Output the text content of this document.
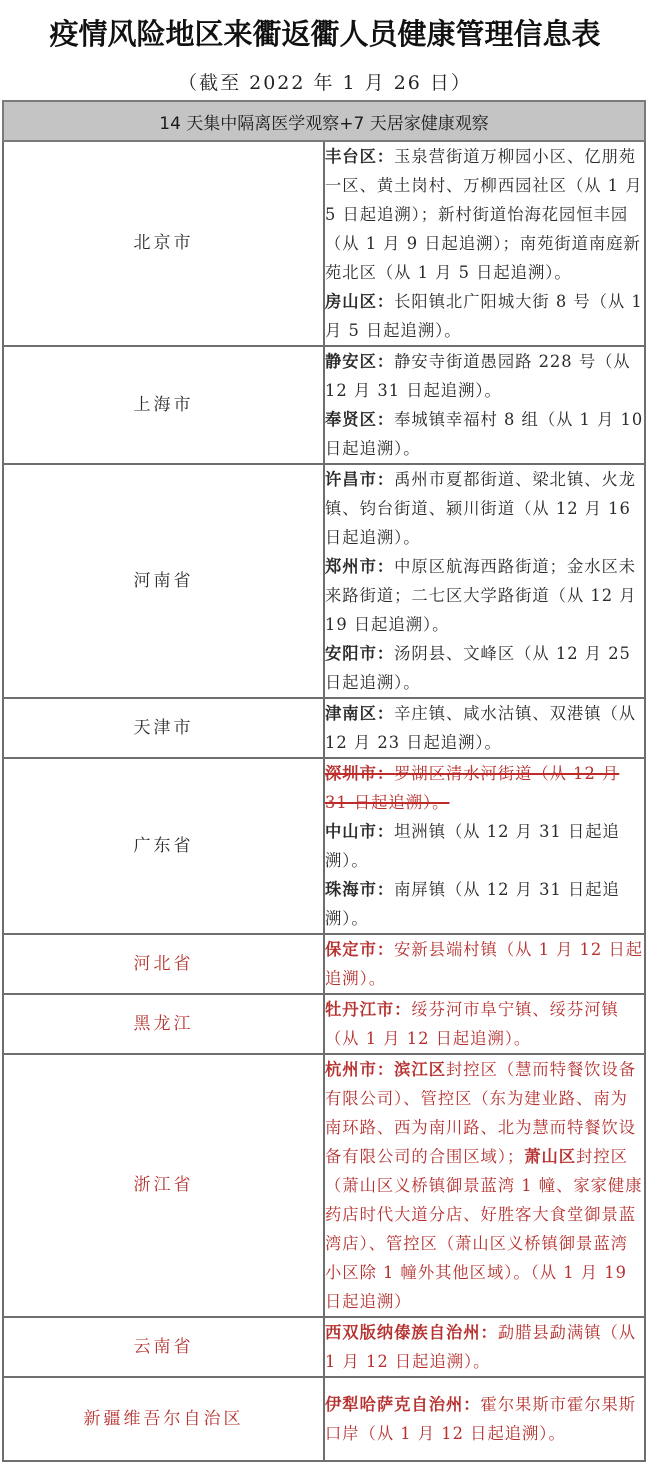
疫情风险地区来衢返衢人员健康管理信息表
（截至 2022 年 1 月 26 日）
14 天集中隔离医学观察+7 天居家健康观察	
北京市	丰台区：玉泉营街道万柳园小区、亿朋苑一区、黄土岗村、万柳西园社区（从 1 月 5 日起追溯）；新村街道怡海花园恒丰园（从 1 月 9 日起追溯）；南苑街道南庭新苑北区（从 1 月 5 日起追溯）。
房山区：长阳镇北广阳城大街 8 号（从 1 月 5 日起追溯）。

上海市	静安区：静安寺街道愚园路 228 号（从 12 月 31 日起追溯）。
奉贤区：奉城镇幸福村 8 组（从 1 月 10 日起追溯）。

河南省	许昌市：禹州市夏都街道、梁北镇、火龙镇、钧台街道、颍川街道（从 12 月 16 日起追溯）。
郑州市：中原区航海西路街道；金水区未来路街道；二七区大学路街道（从 12 月 19 日起追溯）。
安阳市：汤阴县、文峰区（从 12 月 25 日起追溯）。

天津市	津南区：辛庄镇、咸水沽镇、双港镇（从 12 月 23 日起追溯）。

广东省	深圳市：罗湖区清水河街道（从 12 月 31 日起追溯）。
中山市：坦洲镇（从 12 月 31 日起追溯）。
珠海市：南屏镇（从 12 月 31 日起追溯）。

河北省	保定市：安新县端村镇（从 1 月 12 日起追溯）。

黑龙江	牡丹江市：绥芬河市阜宁镇、绥芬河镇（从 1 月 12 日起追溯）。

浙江省	杭州市：滨江区封控区（慧而特餐饮设备有限公司）、管控区（东为建业路、南为南环路、西为南川路、北为慧而特餐饮设备有限公司的合围区域）；萧山区封控区（萧山区义桥镇御景蓝湾 1 幢、家家健康药店时代大道分店、好胜客大食堂御景蓝湾店）、管控区（萧山区义桥镇御景蓝湾小区除 1 幢外其他区域）。（从 1 月 19 日起追溯）

云南省	西双版纳傣族自治州：勐腊县勐满镇（从 1 月 12 日起追溯）。

新疆维吾尔自治区	伊犁哈萨克自治州：霍尔果斯市霍尔果斯口岸（从 1 月 12 日起追溯）。
